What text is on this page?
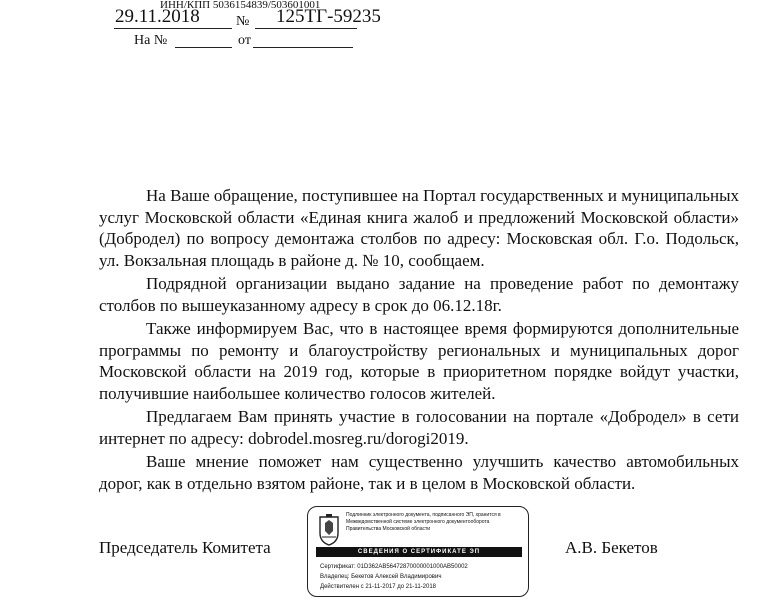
ИНН/КПП 5036154839/503601001
29.11.2018	№ 125ТГ-59235
На №	от

На Ваше обращение, поступившее на Портал государственных и муниципальных услуг Московской области «Единая книга жалоб и предложений Московской области» (Добродел) по вопросу демонтажа столбов по адресу: Московская обл. Г.о. Подольск, ул. Вокзальная площадь в районе д. № 10, сообщаем.

Подрядной организации выдано задание на проведение работ по демонтажу столбов по вышеуказанному адресу в срок до 06.12.18г.

Также информируем Вас, что в настоящее время формируются дополнительные программы по ремонту и благоустройству региональных и муниципальных дорог Московской области на 2019 год, которые в приоритетном порядке войдут участки, получившие наибольшее количество голосов жителей.

Предлагаем Вам принять участие в голосовании на портале «Добродел» в сети интернет по адресу: dobrodel.mosreg.ru/dorogi2019.

Ваше мнение поможет нам существенно улучшить качество автомобильных дорог, как в отдельно взятом районе, так и в целом в Московской области.

Председатель Комитета
Подлинник электронного документа, подписанного ЭП, хранится в Межведомственной системе электронного документооборота Правительства Московской области
СВЕДЕНИЯ О СЕРТИФИКАТЕ ЭП
Сертификат: 01D362AB56472870000001000AB50002
Владелец: Бекетов Алексей Владимирович
Действителен с 21-11-2017 до 21-11-2018
А.В. Бекетов
